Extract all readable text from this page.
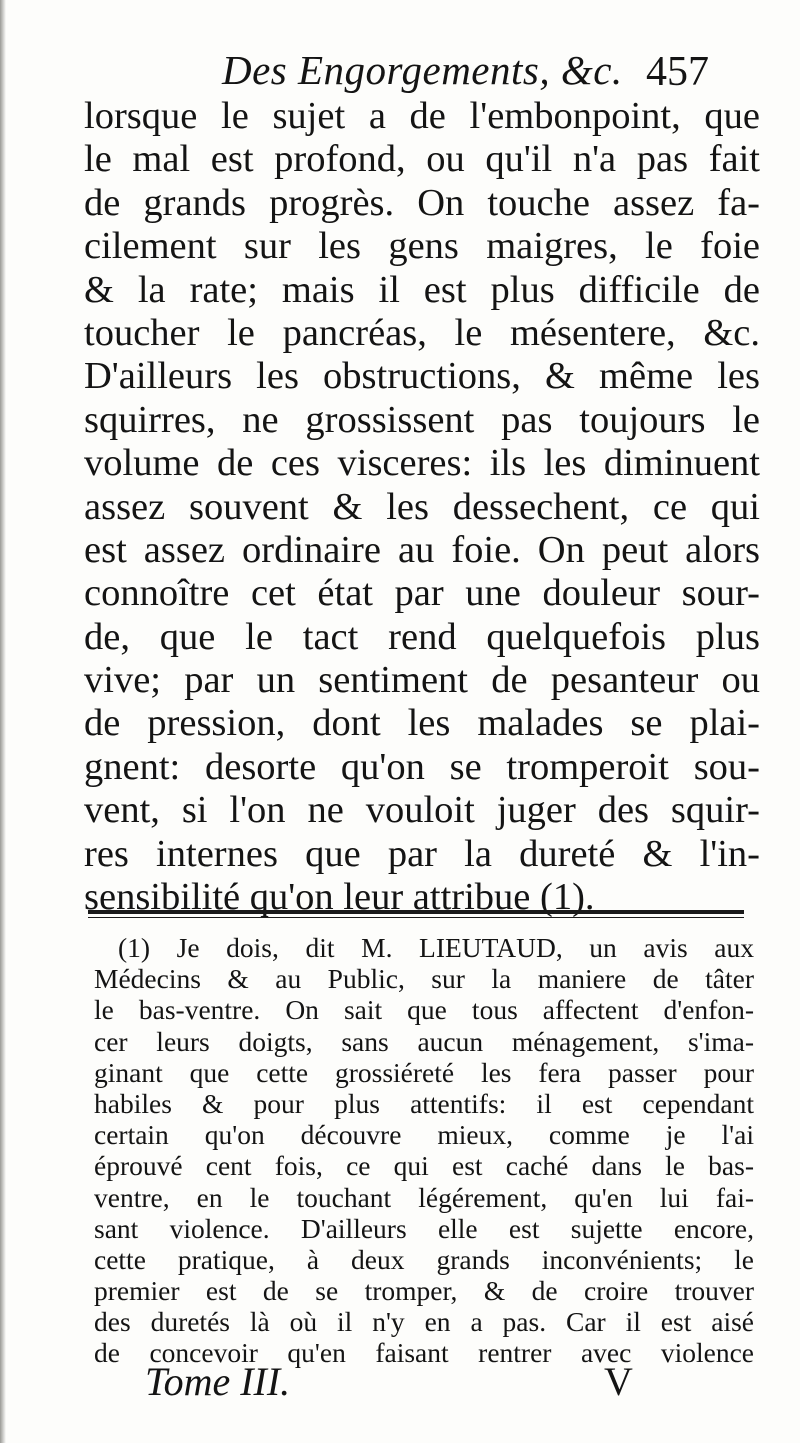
Des Engorgements, &c. 457
lorsque le sujet a de l'embonpoint, que
le mal est profond, ou qu'il n'a pas fait
de grands progrès. On touche assez fa-
cilement sur les gens maigres, le foie
& la rate; mais il est plus difficile de
toucher le pancréas, le mésentere, &c.
D'ailleurs les obstructions, & même les
squirres, ne grossissent pas toujours le
volume de ces visceres: ils les diminuent
assez souvent & les dessechent, ce qui
est assez ordinaire au foie. On peut alors
connoître cet état par une douleur sour-
de, que le tact rend quelquefois plus
vive; par un sentiment de pesanteur ou
de pression, dont les malades se plai-
gnent: desorte qu'on se tromperoit sou-
vent, si l'on ne vouloit juger des squir-
res internes que par la dureté & l'in-
sensibilité qu'on leur attribue (1).
(1) Je dois, dit M. LIEUTAUD, un avis aux
Médecins & au Public, sur la maniere de tâter
le bas-ventre. On sait que tous affectent d'enfon-
cer leurs doigts, sans aucun ménagement, s'ima-
ginant que cette grossiéreté les fera passer pour
habiles & pour plus attentifs: il est cependant
certain qu'on découvre mieux, comme je l'ai
éprouvé cent fois, ce qui est caché dans le bas-
ventre, en le touchant légérement, qu'en lui fai-
sant violence. D'ailleurs elle est sujette encore,
cette pratique, à deux grands inconvénients; le
premier est de se tromper, & de croire trouver
des duretés là où il n'y en a pas. Car il est aisé
de concevoir qu'en faisant rentrer avec violence
Tome III.	V
